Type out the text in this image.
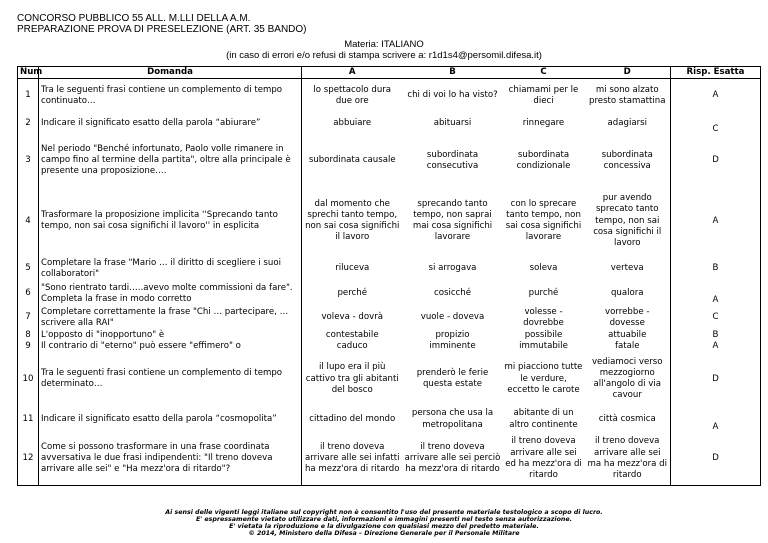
CONCORSO PUBBLICO 55 ALL. M.LLI DELLA A.M.
PREPARAZIONE PROVA DI PRESELEZIONE (ART. 35 BANDO)
Materia: ITALIANO
(in caso di errori e/o refusi di stampa scrivere a: r1d1s4@persomil.difesa.it)
Num	Domanda	A	B	C	D	Risp. Esatta
1	Tra le seguenti frasi contiene un complemento di tempo continuato…	lo spettacolo dura due ore	chi di voi lo ha visto?	chiamami per le dieci	mi sono alzato presto stamattina	A
2	Indicare il significato esatto della parola “abiurare”	abbuiare	abituarsi	rinnegare	adagiarsi	C
3	Nel periodo "Benché infortunato, Paolo volle rimanere in campo fino al termine della partita", oltre alla principale è presente una proposizione….	subordinata causale	subordinata consecutiva	subordinata condizionale	subordinata concessiva	D
4	Trasformare la proposizione implicita ''Sprecando tanto tempo, non sai cosa significhi il lavoro'' in esplicita	dal momento che sprechi tanto tempo, non sai cosa significhi il lavoro	sprecando tanto tempo, non saprai mai cosa significhi lavorare	con lo sprecare tanto tempo, non sai cosa significhi lavorare	pur avendo sprecato tanto tempo, non sai cosa significhi il lavoro	A
5	Completare la frase "Mario … il diritto di scegliere i suoi collaboratori"	riluceva	si arrogava	soleva	verteva	B
6	"Sono rientrato tardi…..avevo molte commissioni da fare". Completa la frase in modo corretto	perché	cosicché	purché	qualora	A
7	Completare correttamente la frase "Chi … partecipare, … scrivere alla RAI"	voleva - dovrà	vuole - doveva	volesse - dovrebbe	vorrebbe - dovesse	C
8	L'opposto di "inopportuno" è	contestabile	propizio	possibile	attuabile	B
9	Il contrario di "eterno" può essere "effimero" o	caduco	imminente	immutabile	fatale	A
10	Tra le seguenti frasi contiene un complemento di tempo determinato…	il lupo era il più cattivo tra gli abitanti del bosco	prenderò le ferie questa estate	mi piacciono tutte le verdure, eccetto le carote	vediamoci verso mezzogiorno all'angolo di via cavour	D
11	Indicare il significato esatto della parola “cosmopolita”	cittadino del mondo	persona che usa la metropolitana	abitante di un altro continente	città cosmica	A
12	Come si possono trasformare in una frase coordinata avversativa le due frasi indipendenti: "Il treno doveva arrivare alle sei" e "Ha mezz'ora di ritardo"?	il treno doveva arrivare alle sei infatti ha mezz'ora di ritardo	il treno doveva arrivare alle sei perciò ha mezz'ora di ritardo	il treno doveva arrivare alle sei ed ha mezz'ora di ritardo	il treno doveva arrivare alle sei ma ha mezz'ora di ritardo	D
Ai sensi delle vigenti leggi italiane sul copyright non è consentito l'uso del presente materiale testologico a scopo di lucro.
E' espressamente vietato utilizzare dati, informazioni e immagini presenti nel testo senza autorizzazione.
E' vietata la riproduzione e la divulgazione con qualsiasi mezzo del predetto materiale.
© 2014, Ministero della Difesa – Direzione Generale per il Personale Militare
